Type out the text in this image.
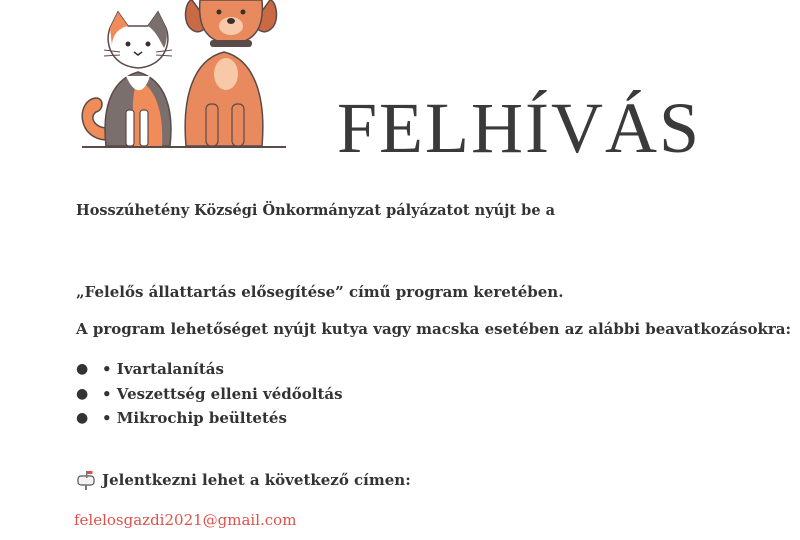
FELHÍVÁS
Hosszúhetény Községi Önkormányzat pályázatot nyújt be a
„Felelős állattartás elősegítése” című program keretében.
A program lehetőséget nyújt kutya vagy macska esetében az alábbi beavatkozásokra:
● • Ivartalanítás
● • Veszettség elleni védőoltás
● • Mikrochip beültetés
Jelentkezni lehet a következő címen:
felelosgazdi2021@gmail.com
